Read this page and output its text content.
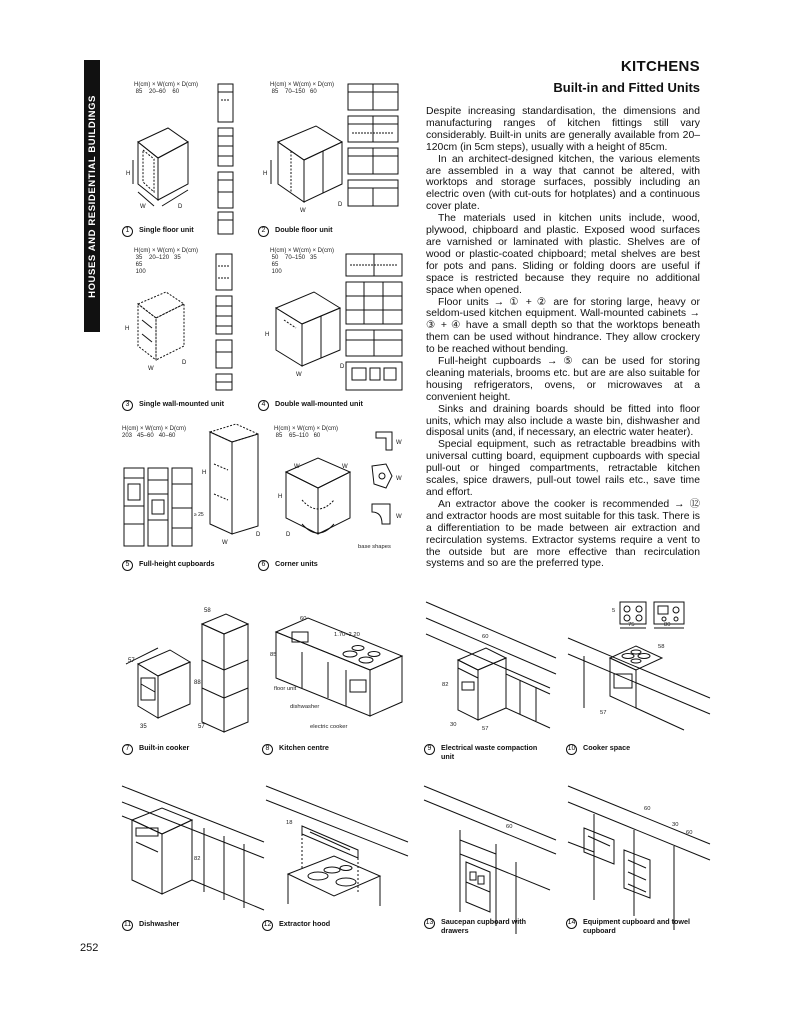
HOUSES AND RESIDENTIAL BUILDINGS
KITCHENS
Built-in and Fitted Units

Despite increasing standardisation, the dimensions and manufacturing ranges of kitchen fittings still vary considerably. Built-in units are generally available from 20–120cm (in 5cm steps), usually with a height of 85cm.

In an architect-designed kitchen, the various elements are assembled in a way that cannot be altered, with worktops and storage surfaces, possibly including an electric oven (with cut-outs for hotplates) and a continuous cover plate.

The materials used in kitchen units include, wood, plywood, chipboard and plastic. Exposed wood surfaces are varnished or laminated with plastic. Shelves are of wood or plastic-coated chipboard; metal shelves are best for pots and pans. Sliding or folding doors are useful if space is restricted because they require no additional space when opened.

Floor units → ① + ② are for storing large, heavy or seldom-used kitchen equipment. Wall-mounted cabinets → ③ + ④ have a small depth so that the worktops beneath them can be used without hindrance. They allow crockery to be reached without bending.

Full-height cupboards → ⑤ can be used for storing cleaning materials, brooms etc. but are are also suitable for housing refrigerators, ovens, or microwaves at a convenient height.

Sinks and draining boards should be fitted into floor units, which may also include a waste bin, dishwasher and disposal units (and, if necessary, an electric water heater).

Special equipment, such as retractable breadbins with universal cutting board, equipment cupboards with special pull-out or hinged compartments, retractable kitchen scales, spice drawers, pull-out towel rails etc., save time and effort.

An extractor above the cooker is recommended → ⑫ and extractor hoods are most suitable for this task. There is a differentiation to be made between air extraction and recirculation systems. Extractor systems require a vent to the outside but are more effective than recirculation systems and so are the preferred type.

H(cm) × W(cm) × D(cm)
85    20–60    60
H
W	D
1	Single floor unit
H(cm) × W(cm) × D(cm)
85    70–150   60
H
W
D
2	Double floor unit
H(cm) × W(cm) × D(cm)
35    20–120   35
65
100
H
W
D
3	Single wall-mounted unit
H(cm) × W(cm) × D(cm)
50    70–150   35
65
100
H
W
D
4	Double wall-mounted unit
H(cm) × W(cm) × D(cm)
203   45–60   40–60
H
W
D
≥ 25
5	Full-height cupboards
H(cm) × W(cm) × D(cm)
85    65–110   60
H
W	W
D
W
W
W
base shapes
6	Corner units
58
57
88
35	57
7	Built-in cooker
1.70–2.20
60
85
floor unit
dishwasher
electric cooker
8	Kitchen centre
60
82
30
57
9	Electrical waste compaction unit
5
75	80
58
57
10 Cooker space
82
11 Dishwasher
18
12 Extractor hood
60
13 Saucepan cupboard with drawers
60
30
60
14 Equipment cupboard and towel cupboard
252
